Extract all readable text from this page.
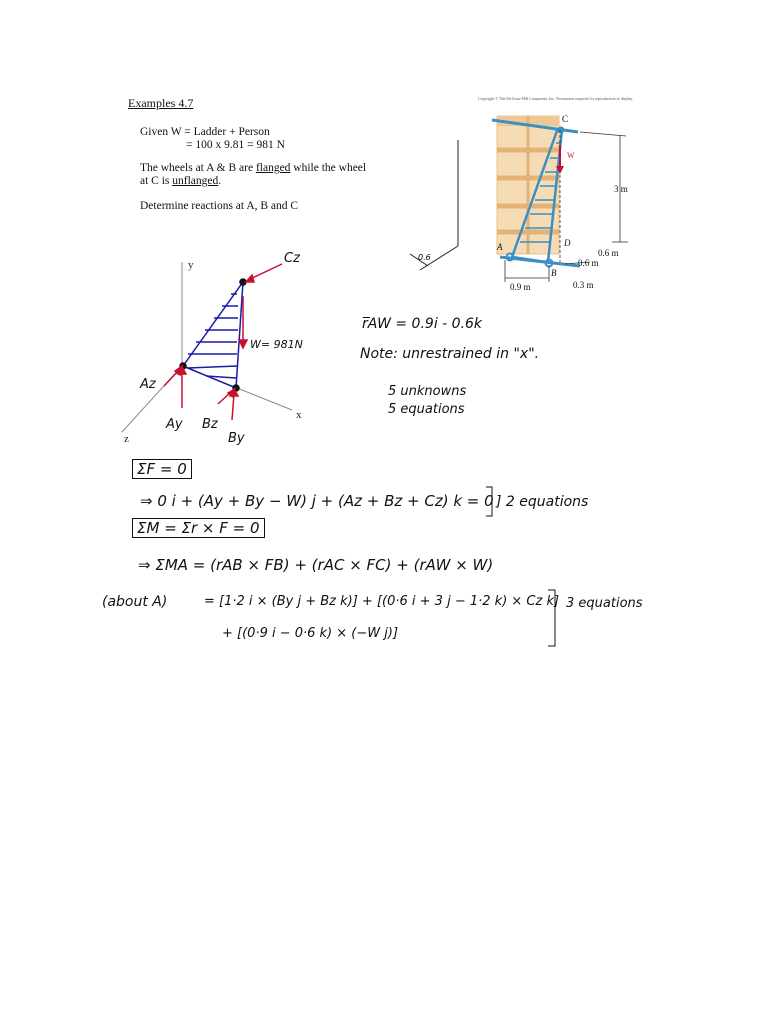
Examples 4.7
Given W = Ladder + Person
= 100 x 9.81 = 981 N
The wheels at A & B are flanged while the wheel
at C is unflanged.
Determine reactions at A, B and C
Copyright © The McGraw-Hill Companies, Inc. Permission required for reproduction or display.
C
W
A
B
D
3 m
0.6 m
0.6 m
0.9 m	0.3 m
0.6
y
x
z
Cz
W= 981N
Az
Ay Bz
By
r̅AW = 0.9i - 0.6k
Note: unrestrained in "x".
5 unknowns
5 equations
ΣF = 0
⇒ 0 i + (Ay + By − W) j + (Az + Bz + Cz) k = 0 ] 2 equations
ΣM = Σr × F = 0
⇒ ΣMA = (rAB × FB) + (rAC × FC) + (rAW × W)
(about A)	= [1·2 i × (By j + Bz k)] + [(0·6 i + 3 j − 1·2 k) × Cz k] 3 equations
+ [(0·9 i − 0·6 k) × (−W j)]
